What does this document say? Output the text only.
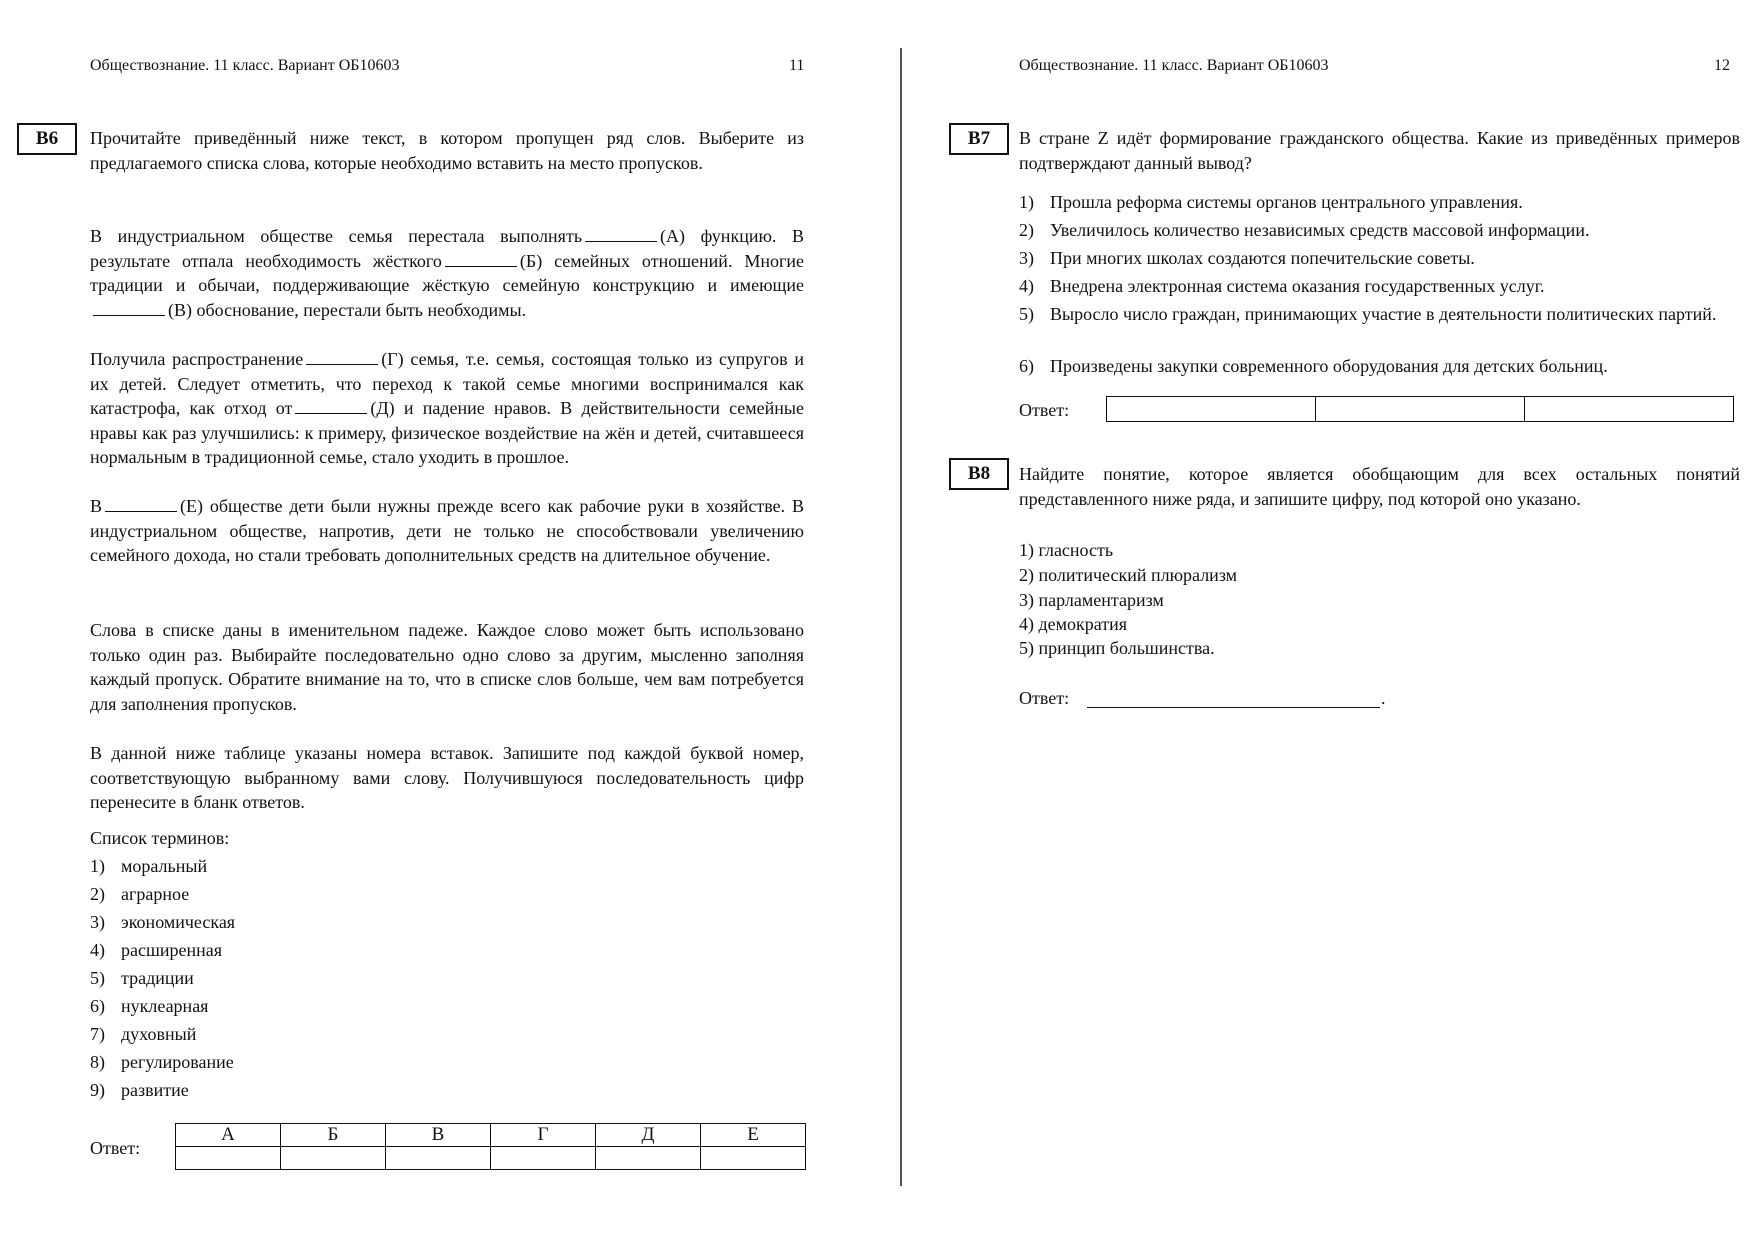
Обществознание. 11 класс. Вариант ОБ10603	11
B6	Прочитайте приведённый ниже текст, в котором пропущен ряд слов. Выберите из предлагаемого списка слова, которые необходимо вставить на место пропусков.

В индустриальном обществе семья перестала выполнять	(А) функцию. В результате отпала необходимость жёсткого	(Б) семейных отношений. Многие традиции и обычаи, поддерживающие жёсткую семейную конструкцию и имеющие(В) обоснование, перестали быть необходимы.

Получила распространение	(Г) семья, т.е. семья, состоящая только из супругов и их детей. Следует отметить, что переход к такой семье многими воспринимался как катастрофа, как отход от	(Д) и падение нравов. В действительности семейные нравы как раз улучшились: к примеру, физическое воздействие на жён и детей, считавшееся нормальным в традиционной семье, стало уходить в прошлое.

В	(Е) обществе дети были нужны прежде всего как рабочие руки в хозяйстве. В индустриальном обществе, напротив, дети не только не способствовали увеличению семейного дохода, но стали требовать дополнительных средств на длительное обучение.

Слова в списке даны в именительном падеже. Каждое слово может быть использовано только один раз. Выбирайте последовательно одно слово за другим, мысленно заполняя каждый пропуск. Обратите внимание на то, что в списке слов больше, чем вам потребуется для заполнения пропусков.

В данной ниже таблице указаны номера вставок. Запишите под каждой буквой номер, соответствующую выбранному вами слову. Получившуюся последовательность цифр перенесите в бланк ответов.

Список терминов:
1) моральный
2) аграрное
3) экономическая
4) расширенная
5) традиции
6) нуклеарная
7) духовный
8) регулирование
9) развитие
Ответ:
А	Б	В	Г	Д	Е

Обществознание. 11 класс. Вариант ОБ10603	12
B7	В стране Z идёт формирование гражданского общества. Какие из приведённых примеров подтверждают данный вывод?

1) Прошла реформа системы органов центрального управления.
2) Увеличилось количество независимых средств массовой информации.
3) При многих школах создаются попечительские советы.
4) Внедрена электронная система оказания государственных услуг.
5) Выросло число граждан, принимающих участие в деятельности политических партий.
6) Произведены закупки современного оборудования для детских больниц.
Ответ:

B8	Найдите понятие, которое является обобщающим для всех остальных понятий представленного ниже ряда, и запишите цифру, под которой оно указано.

1) гласность
2) политический плюрализм
3) парламентаризм
4) демократия
5) принцип большинства.
Ответ:	.
